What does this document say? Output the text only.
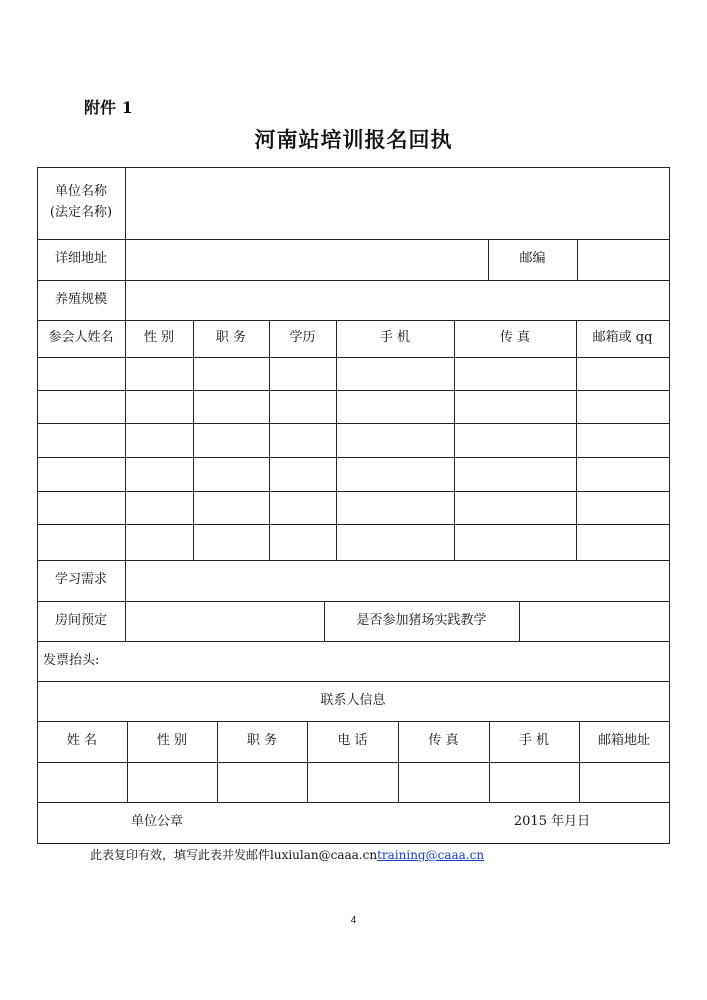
附件 1
河南站培训报名回执
单位名称
(法定名称)
详细地址	邮编
养殖规模
参会人姓名	性 别	职 务	学历	手 机	传 真	邮箱或 qq
学习需求
房间预定	是否参加猪场实践教学
发票抬头:
联系人信息
姓 名	性 别	职 务	电 话	传 真	手 机	邮箱地址
单位公章	2015 年月日
此表复印有效，填写此表并发邮件luxiulan@caaa.cntraining@caaa.cn
4
